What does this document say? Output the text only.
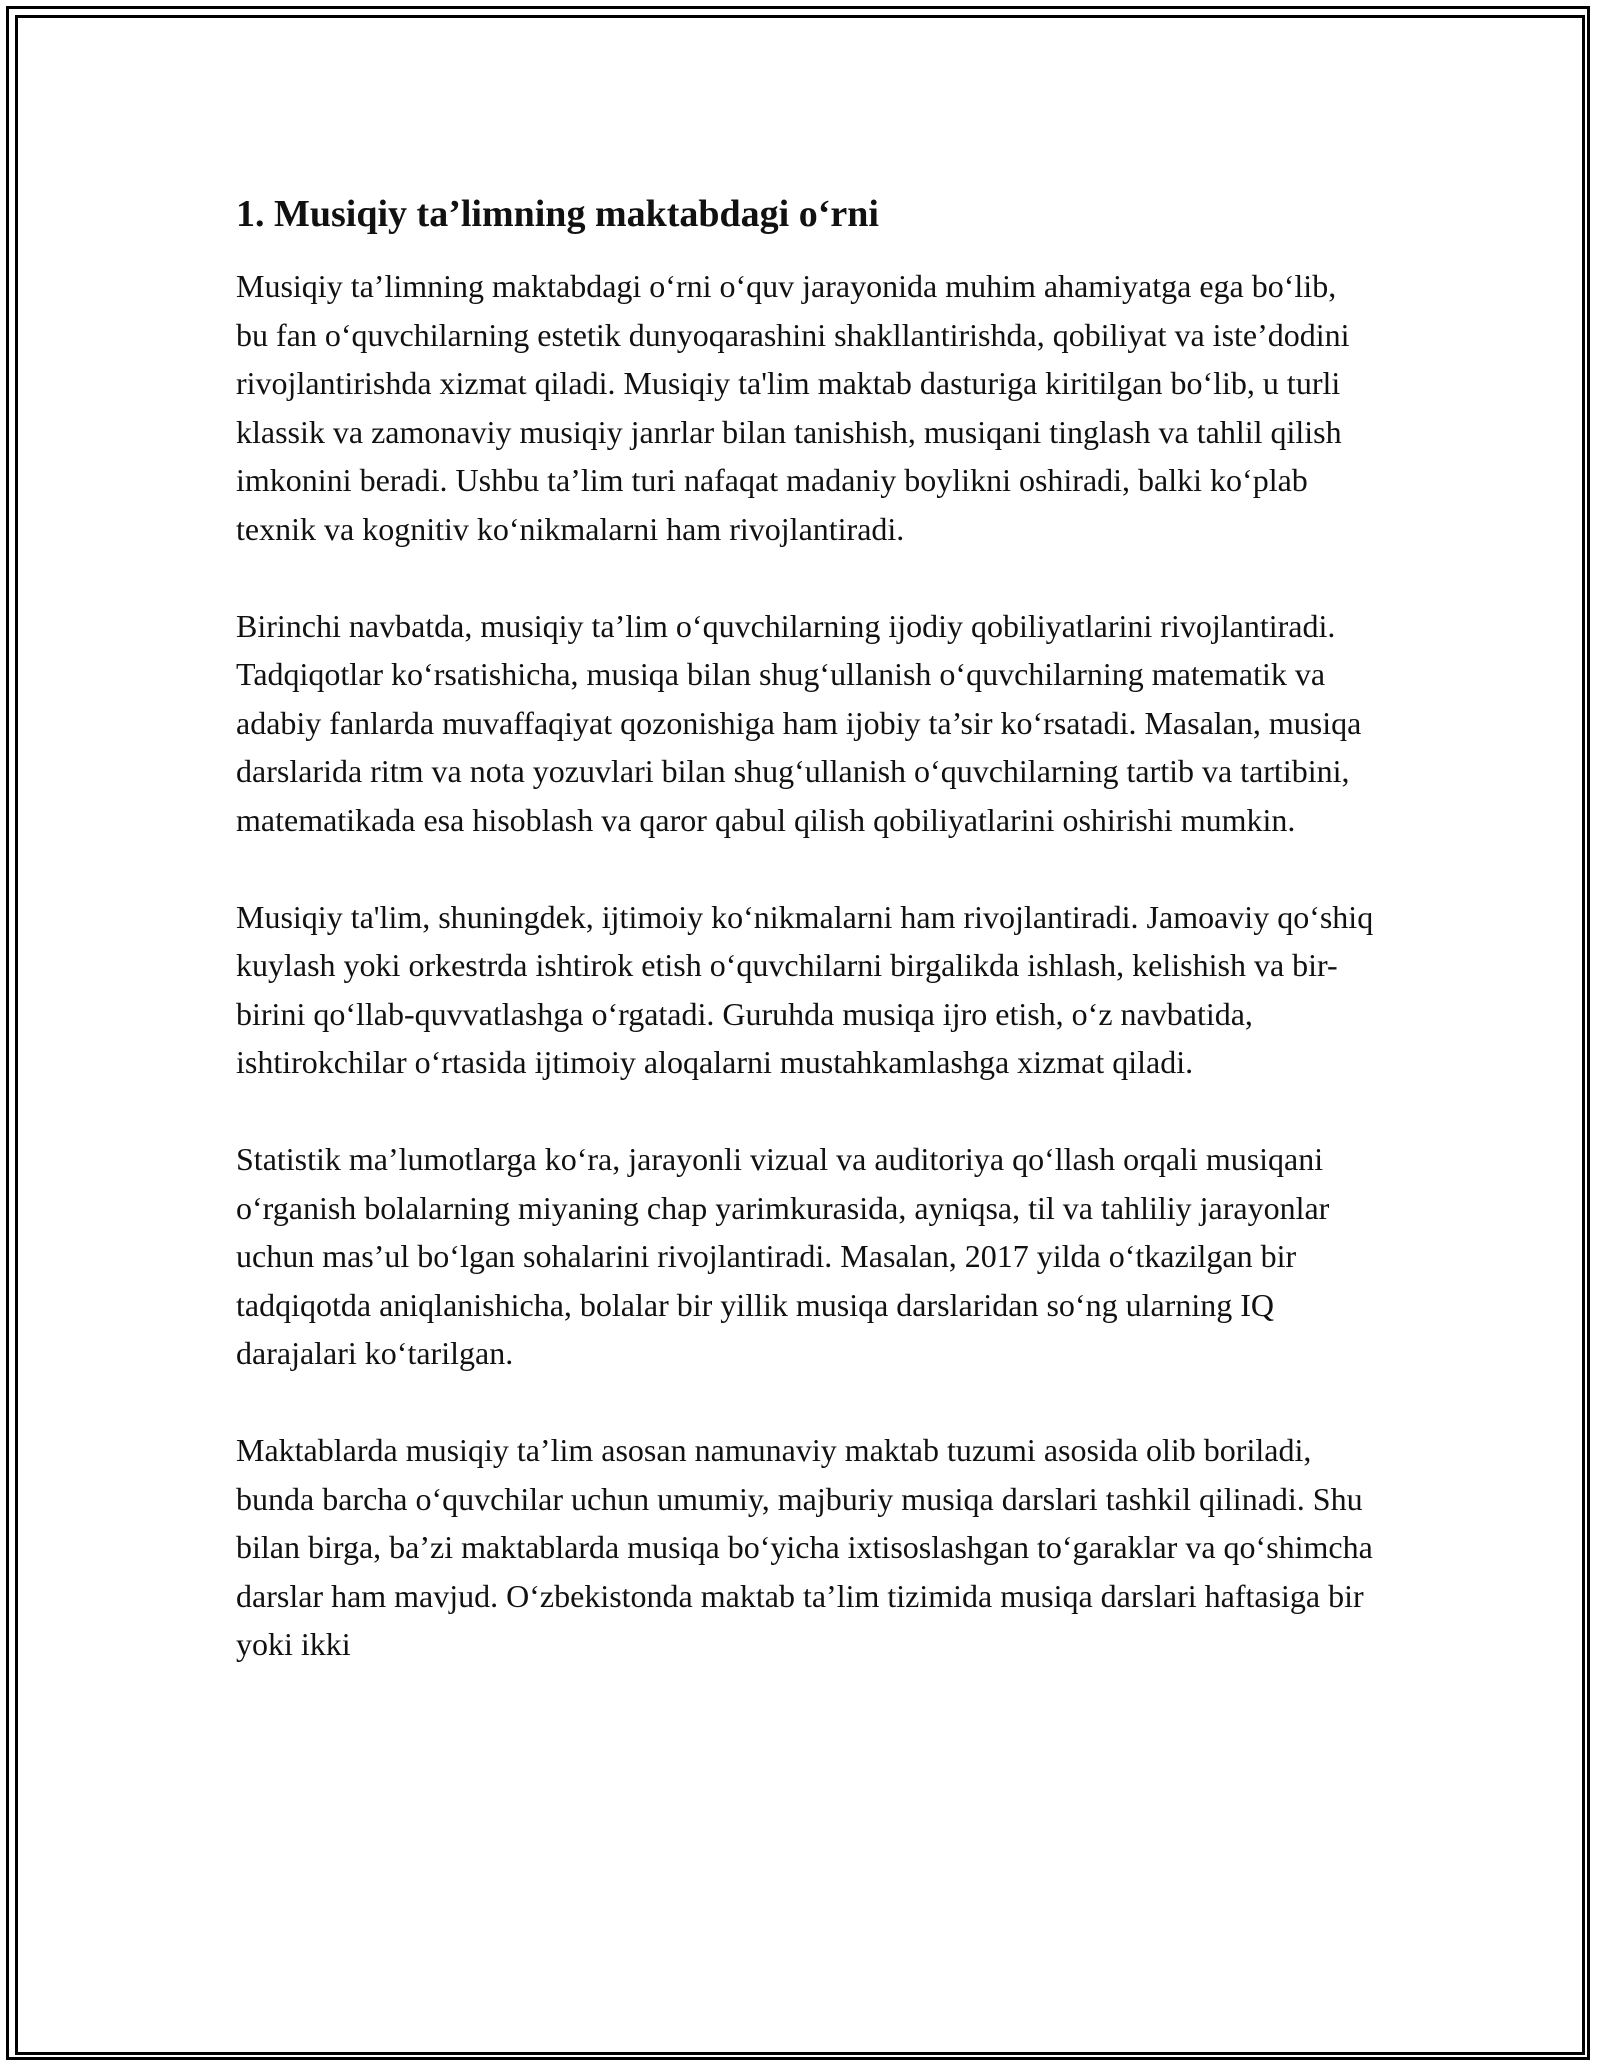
1. Musiqiy ta’limning maktabdagi o‘rni

Musiqiy ta’limning maktabdagi o‘rni o‘quv jarayonida muhim ahamiyatga ega bo‘lib, bu fan o‘quvchilarning estetik dunyoqarashini shakllantirishda, qobiliyat va iste’dodini rivojlantirishda xizmat qiladi. Musiqiy ta'lim maktab dasturiga kiritilgan bo‘lib, u turli klassik va zamonaviy musiqiy janrlar bilan tanishish, musiqani tinglash va tahlil qilish imkonini beradi. Ushbu ta’lim turi nafaqat madaniy boylikni oshiradi, balki ko‘plab texnik va kognitiv ko‘nikmalarni ham rivojlantiradi.

Birinchi navbatda, musiqiy ta’lim o‘quvchilarning ijodiy qobiliyatlarini rivojlantiradi. Tadqiqotlar ko‘rsatishicha, musiqa bilan shug‘ullanish o‘quvchilarning matematik va adabiy fanlarda muvaffaqiyat qozonishiga ham ijobiy ta’sir ko‘rsatadi. Masalan, musiqa darslarida ritm va nota yozuvlari bilan shug‘ullanish o‘quvchilarning tartib va tartibini, matematikada esa hisoblash va qaror qabul qilish qobiliyatlarini oshirishi mumkin.

Musiqiy ta'lim, shuningdek, ijtimoiy ko‘nikmalarni ham rivojlantiradi. Jamoaviy qo‘shiq kuylash yoki orkestrda ishtirok etish o‘quvchilarni birgalikda ishlash, kelishish va bir-birini qo‘llab-quvvatlashga o‘rgatadi. Guruhda musiqa ijro etish, o‘z navbatida, ishtirokchilar o‘rtasida ijtimoiy aloqalarni mustahkamlashga xizmat qiladi.

Statistik ma’lumotlarga ko‘ra, jarayonli vizual va auditoriya qo‘llash orqali musiqani o‘rganish bolalarning miyaning chap yarimkurasida, ayniqsa, til va tahliliy jarayonlar uchun mas’ul bo‘lgan sohalarini rivojlantiradi. Masalan, 2017 yilda o‘tkazilgan bir tadqiqotda aniqlanishicha, bolalar bir yillik musiqa darslaridan so‘ng ularning IQ darajalari ko‘tarilgan.

Maktablarda musiqiy ta’lim asosan namunaviy maktab tuzumi asosida olib boriladi, bunda barcha o‘quvchilar uchun umumiy, majburiy musiqa darslari tashkil qilinadi. Shu bilan birga, ba’zi maktablarda musiqa bo‘yicha ixtisoslashgan to‘garaklar va qo‘shimcha darslar ham mavjud. O‘zbekistonda maktab ta’lim tizimida musiqa darslari haftasiga bir yoki ikki
